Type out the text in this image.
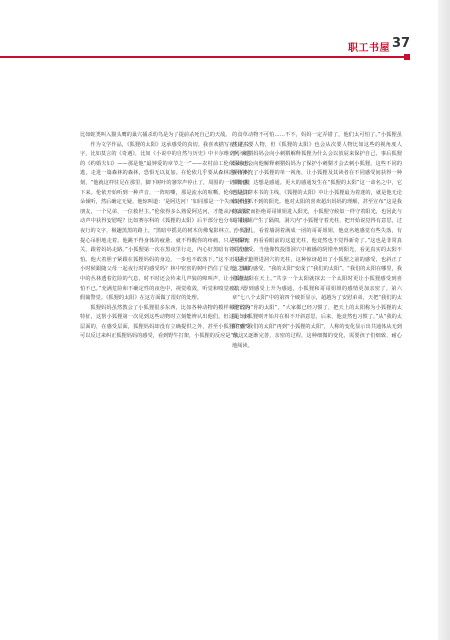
职工书屋 37

比如蛇类叫入猫头鹰的巢穴捕杀幼鸟是为了提前杀死自己的天敌。

作为文学作品，《狐狸的太阳》这承感受的真切。我喜欢描写夜行的文字，比如莫言的《奇遇》，比如《小说中的自然与历史》中卡尔维诺列举过的《约婚夫妇》——那是他“最钟爱的章节之一”——农村前工伦依深夜出逃，走进一篇森林的森林，恐惧无以复加。在伦依几乎要从森林逃回的时刻，“他就这样驻足在那里，脚下树叶的窸窣声停止了，周围的一切都沉默下来。伦依开始听到一种声音，一阵喧嘶，那是流水的喧嘶。伦依竖起耳朵倾听，然后确定无疑。他惊叫道：‘是阿达河！’如同那是一个失而复得的朋友，一个兄弟，一位救世主。”伦依得多么熟爱阿达河，才能从河流的流动声中获得安慰呢？比如赛尔科的《狐狸的太阳》后半部分也分布了很多夜行的文字，极趣黑黑的路上，“黑暗中摇晃的树木仿佛鬼影林立，小狐狸提心吊胆地走着。他跳不得身体的疲惫，就不得醒你的疼痛，只是双紧牙关，跟着妈妈走路。”小狐狸第一次在黑夜里行走，内心好黑暗有着几分害怕。他大着胆子紧跟在狐狸妈妈的身边，一步也不敢落下。”这不正是我们小时候跟随父母一起夜行时的感受吗？林中密密的树叶挡住了星光，黑暗中的丛林透着危险的气息，时不时还会传来几声狼的嗥叫声，让小狐狸害怕不已。”充满危险和不确定性的夜色中，视觉收敛，听觉和嗅觉被放大，假蔺警觉。《狐狸的太阳》在这方面做了很好的处理。

狐狸妈妈虽然教会了小狐狸很多东西，比如各种动物的模样和他们的特征，这帮小狐狸第一次见到这些动物时立刻能辨认出他们。但这是知识层面的，在感受层面，狐狸妈妈却没有立确提供之外，甚至小狐狸的感受可以反过来纠正狐狸妈妈的感受，看到野牛打架，小狐狸的反应是“激这

的食草动物不可怕……不不，妈妈一定弄错了，他们太可怕了。”小狐狸虽然是主要人物，但《狐狸的太阳》也会从次要人物比如这些的视角度人手，刺猬妈妈会向小刺猬解释狐狸为什么会以放屁来保护自己，事后狐狸妈妈也会向他解释刺猬妈妈为了保护小刺猬才会去刺小狐狸。这些不同的视角补充了小狐狸的单一视角，让小狐狸及其读者在不同感受间获得一种平衡感，达想是感通。更大的感通发生在“狐狸的太阳”这一命名之中，它也是贯穿本书的主线，《狐狸的太阳》中让小狐狸最为着迷的，就是他无论如何也抓不到的阳光。他对太阳的喜欢超出妈妈的理解，甚至宣布“这是我的太阳”而拒绝哥哥姐姐进入阳光，小狐狸守候似一样守着阳光，也因此与哥哥姐姐产生了隔阂，洞穴内“小狐狸守着光柱，把开始说觉得有意思，过了一会儿，看着墙洞着满成一团的哥哥姐姐，他竟名地感觉有些失落，有些孤单。再看看眼前的这道光柱，他竟然也不觉得新奇了。”这也是非常真实的感受。当他像牧投图洞穴中被播的阴错坐到阳光，看见真实的太阳不只是一道照进洞穴的光柱，这种惊讶超出了小狐狸之前的感受，也斜正了他之前的感受，“我的太阳”变成了“我们的太阳”。“我们的太阳在哪里，我们的太阳在天上。”共享一个太阳就抹去一个太阳时更让小狐狸感受到喜义，得到感受上升为感通，小狐狸和哥哥姐姐的感情更加亲密了。第六章“七八个太阳”中的第四个破折显示，超越为了安慰弟弟，天把“我们的太阳”改为“你的太阳”，“大家都已经习惯了，把天上的太阳称为小狐狸的太阳。小狐狸则开始并在相不开斜意思，后来，他竟然也习惯了。”从“我的太阳”到“我们的太阳”再到“小狐狸的太阳”，人称的变化显示出共通体从无到有，又逐渐完善，亲密的过程，这种细微的变化，需要孩子们细致、耐心地阅读。
